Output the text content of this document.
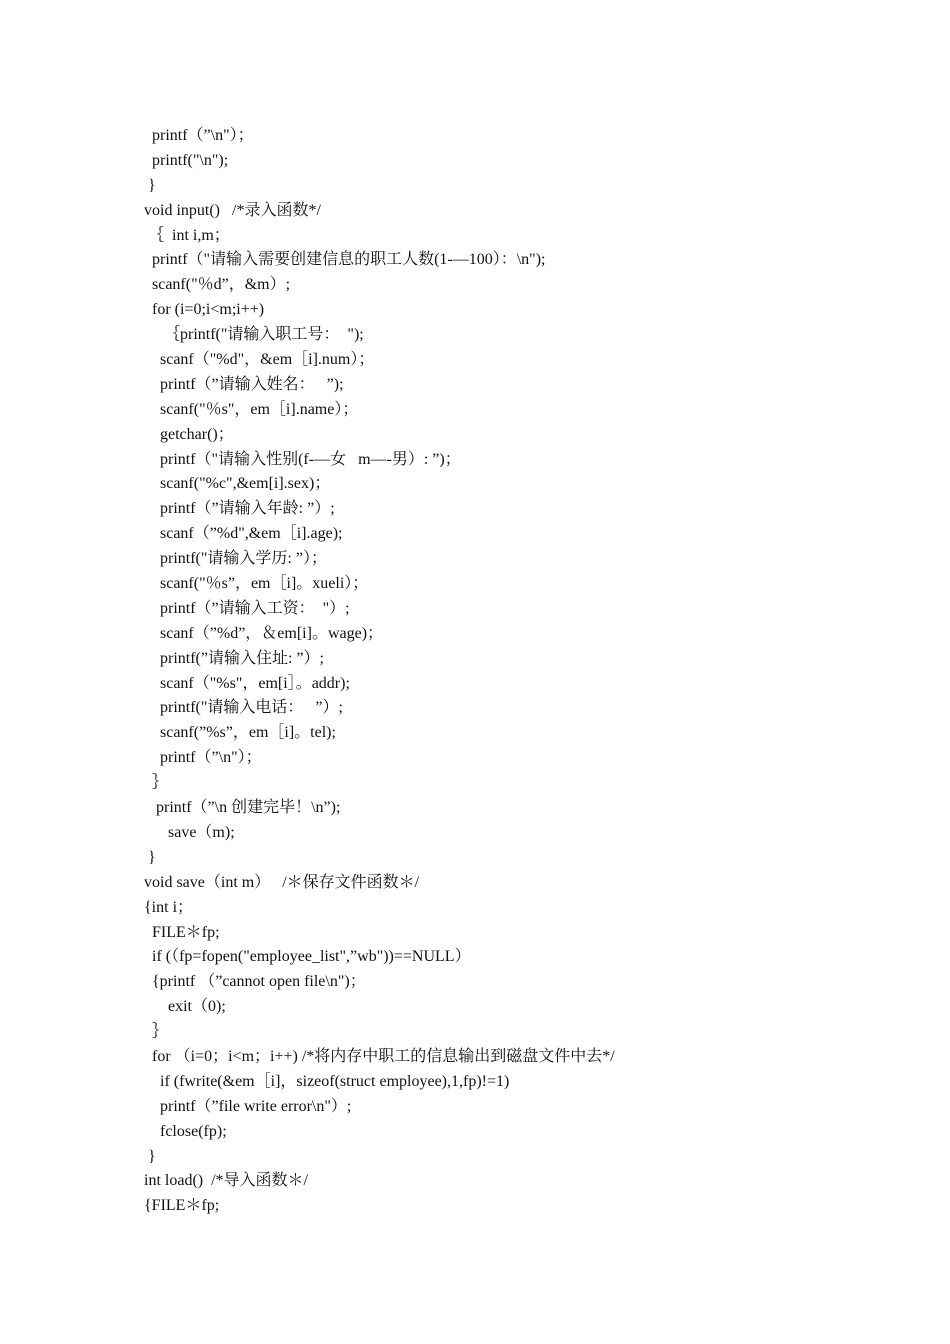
printf（”\n"）；
printf("\n");
}
void input()   /*录入函数*/
｛  int i,m；
printf（"请输入需要创建信息的职工人数(1-—100）：\n");
scanf("％d”，&m）;
for (i=0;i<m;i++)
｛printf("请输入职工号：  ");
scanf（"%d"，&em［i].num）；
printf（”请输入姓名：   ”);
scanf("％s"，em［i].name）；
getchar()；
printf（"请输入性别(f-—女   m—-男）: ”)；
scanf("%c",&em[i].sex)；
printf（”请输入年龄: ”）;
scanf（”%d",&em［i].age);
printf("请输入学历: ”）；
scanf("％s”，em［i]。xueli）；
printf（”请输入工资：  "）;
scanf（”%d”，＆em[i]。wage)；
printf(”请输入住址: ”）;
scanf（"%s"，em[i］。addr);
printf("请输入电话：   ”）;
scanf(”%s”，em［i]。tel);
printf（”\n"）；
｝
printf（”\n 创建完毕！\n”);
save（m);
}
void save（int m）   /＊保存文件函数＊/
{int i；
FILE＊fp;
if (（fp=fopen("employee_list",”wb"))==NULL）
{printf （”cannot open file\n")；
exit（0);
｝
for （i=0；i<m；i++) /*将内存中职工的信息输出到磁盘文件中去*/
if (fwrite(&em［i]，sizeof(struct employee),1,fp)!=1)
printf（”file write error\n"）;
fclose(fp);
}
int load()  /*导入函数＊/
{FILE＊fp;
